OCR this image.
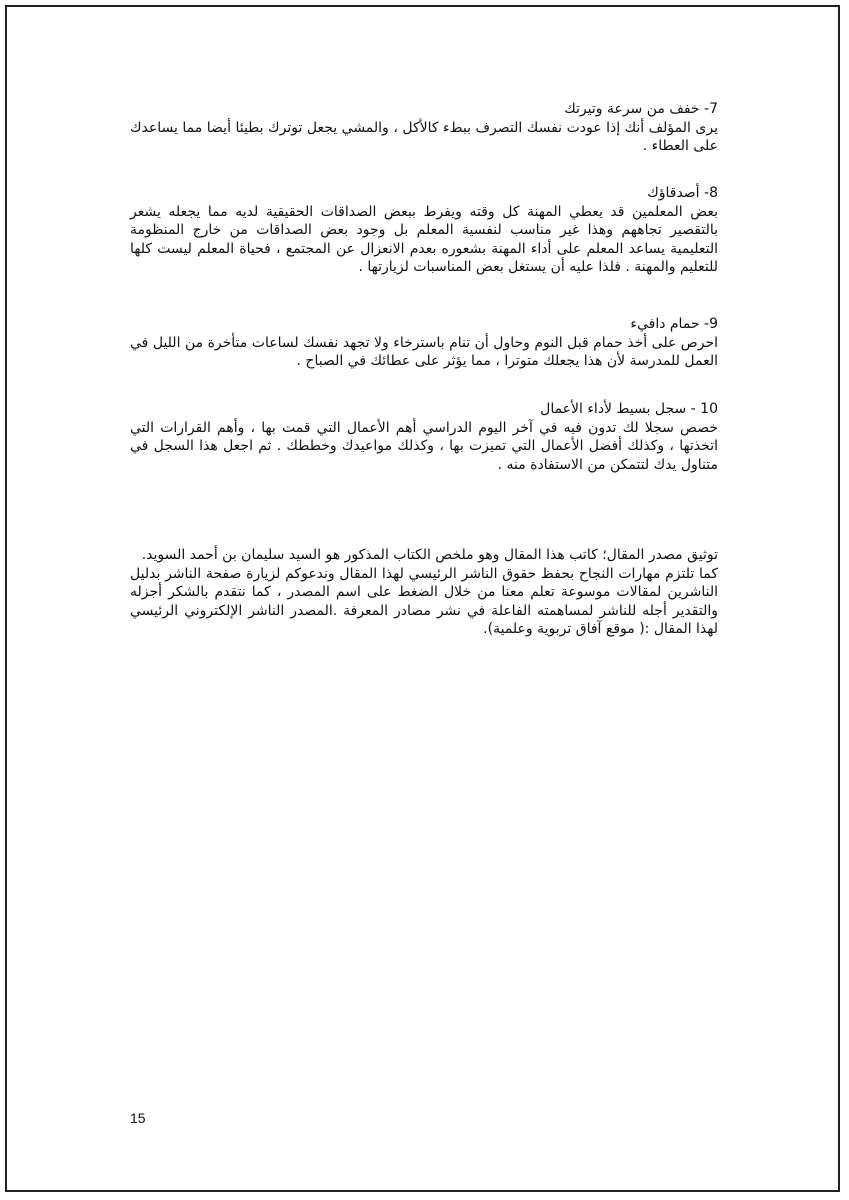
7- خفف من سرعة وتيرتك
يرى المؤلف أنك إذا عودت نفسك التصرف ببطء كالأكل ، والمشي يجعل توترك بطيئا أيضا مما يساعدك على العطاء .
8- أصدقاؤك
بعض المعلمين قد يعطي المهنة كل وقته ويفرط ببعض الصداقات الحقيقية لديه مما يجعله يشعر بالتقصير تجاههم وهذا غير مناسب لنفسية المعلم بل وجود بعض الصداقات من خارج المنظومة التعليمية يساعد المعلم على أداء المهنة بشعوره بعدم الانعزال عن المجتمع ، فحياة المعلم ليست كلها للتعليم والمهنة . فلذا عليه أن يستغل بعض المناسبات لزيارتها .
9- حمام دافيء
احرص على أخذ حمام قبل النوم وحاول أن تنام باسترخاء ولا تجهد نفسك لساعات متأخرة من الليل في العمل للمدرسة لأن هذا يجعلك متوترا ، مما يؤثر على عطائك في الصباح .
10 - سجل بسيط لأداء الأعمال
خصص سجلا لك تدون فيه في آخر اليوم الدراسي أهم الأعمال التي قمت بها ، وأهم القرارات التي اتخذتها ، وكذلك أفضل الأعمال التي تميزت بها ، وكذلك مواعيدك وخططك . ثم اجعل هذا السجل في متناول يدك لتتمكن من الاستفادة منه .
توثيق مصدر المقال؛ كاتب هذا المقال وهو ملخص الكتاب المذكور هو السيد سليمان بن أحمد السويد.
كما تلتزم مهارات النجاح بحفظ حقوق الناشر الرئيسي لهذا المقال وندعوكم لزيارة صفحة الناشر بدليل الناشرين لمقالات موسوعة تعلم معنا من خلال الضغط على اسم المصدر ، كما نتقدم بالشكر أجزله والتقدير أجله للناشر لمساهمته الفاعلة في نشر مصادر المعرفة .المصدر الناشر الإلكتروني الرئيسي لهذا المقال :( موقع آفاق تربوية وعلمية).
15
